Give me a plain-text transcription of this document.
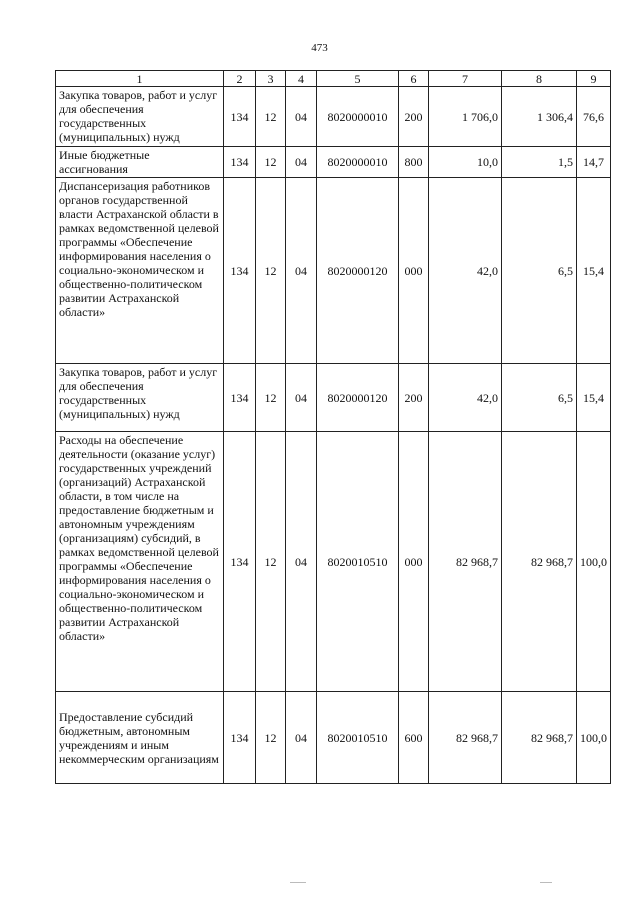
473
1	2	3	4	5	6	7	8	9
Закупка товаров, работ и услуг для обеспечения государственных (муниципальных) нужд	134	12	04	8020000010	200	1 706,0	1 306,4	76,6
Иные бюджетные ассигнования	134	12	04	8020000010	800	10,0	1,5	14,7
Диспансеризация работников органов государственной власти Астраханской области в рамках ведомственной целевой программы «Обеспечение информирования населения о социально-экономическом и общественно-политическом развитии Астраханской области»	134	12	04	8020000120	000	42,0	6,5	15,4
Закупка товаров, работ и услуг для обеспечения государственных (муниципальных) нужд	134	12	04	8020000120	200	42,0	6,5	15,4
Расходы на обеспечение деятельности (оказание услуг) государственных учреждений (организаций) Астраханской области, в том числе на предоставление бюджетным и автономным учреждениям (организациям) субсидий, в рамках ведомственной целевой программы «Обеспечение информирования населения о социально-экономическом и общественно-политическом развитии Астраханской области»	134	12	04	8020010510	000	82 968,7	82 968,7	100,0
Предоставление субсидий бюджетным, автономным учреждениям и иным некоммерческим организациям	134	12	04	8020010510	600	82 968,7	82 968,7	100,0
